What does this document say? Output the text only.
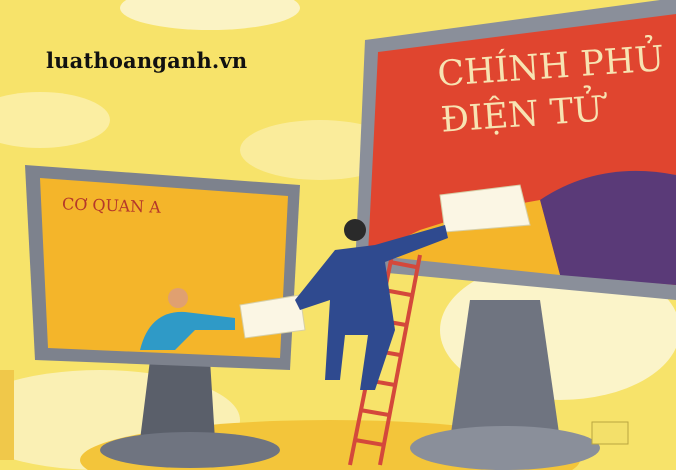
luathoanganh.vn
CƠ QUAN A
CHÍNH PHỦ
ĐIỆN TỬ
